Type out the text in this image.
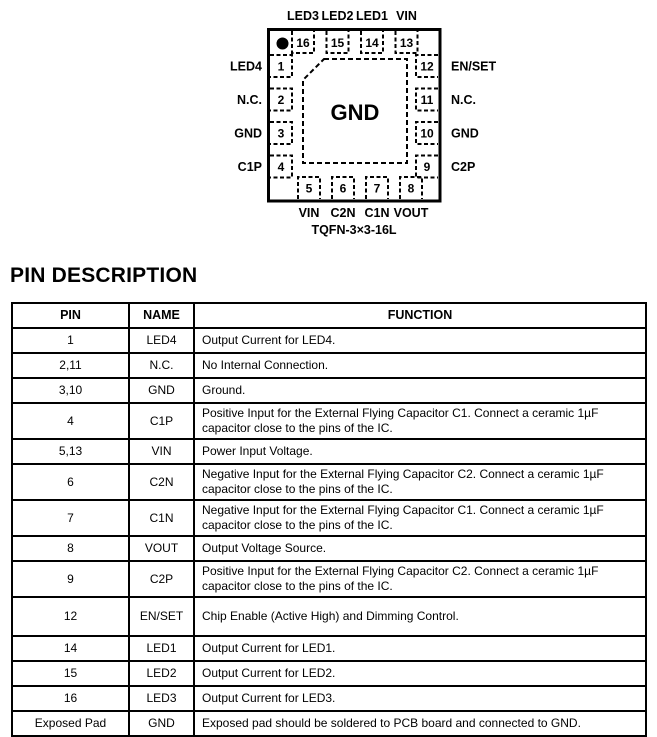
GND
16 15 14 13
LED3 LED2 LED1 VIN
1
2
3
4
LED4
N.C.
GND
C1P
12
11
10
9
EN/SET
N.C.
GND
C2P
5 6 7 8
VIN C2N C1N VOUT
TQFN-3×3-16L
PIN DESCRIPTION
PIN	NAME	FUNCTION
1	LED4	Output Current for LED4.
2,11	N.C.	No Internal Connection.
3,10	GND	Ground.
4	C1P	Positive Input for the External Flying Capacitor C1. Connect a ceramic 1µF capacitor close to the pins of the IC.
5,13	VIN	Power Input Voltage.
6	C2N	Negative Input for the External Flying Capacitor C2. Connect a ceramic 1µF capacitor close to the pins of the IC.
7	C1N	Negative Input for the External Flying Capacitor C1. Connect a ceramic 1µF capacitor close to the pins of the IC.
8	VOUT	Output Voltage Source.
9	C2P	Positive Input for the External Flying Capacitor C2. Connect a ceramic 1µF capacitor close to the pins of the IC.
12	EN/SET	Chip Enable (Active High) and Dimming Control.
14	LED1	Output Current for LED1.
15	LED2	Output Current for LED2.
16	LED3	Output Current for LED3.
Exposed Pad	GND	Exposed pad should be soldered to PCB board and connected to GND.
